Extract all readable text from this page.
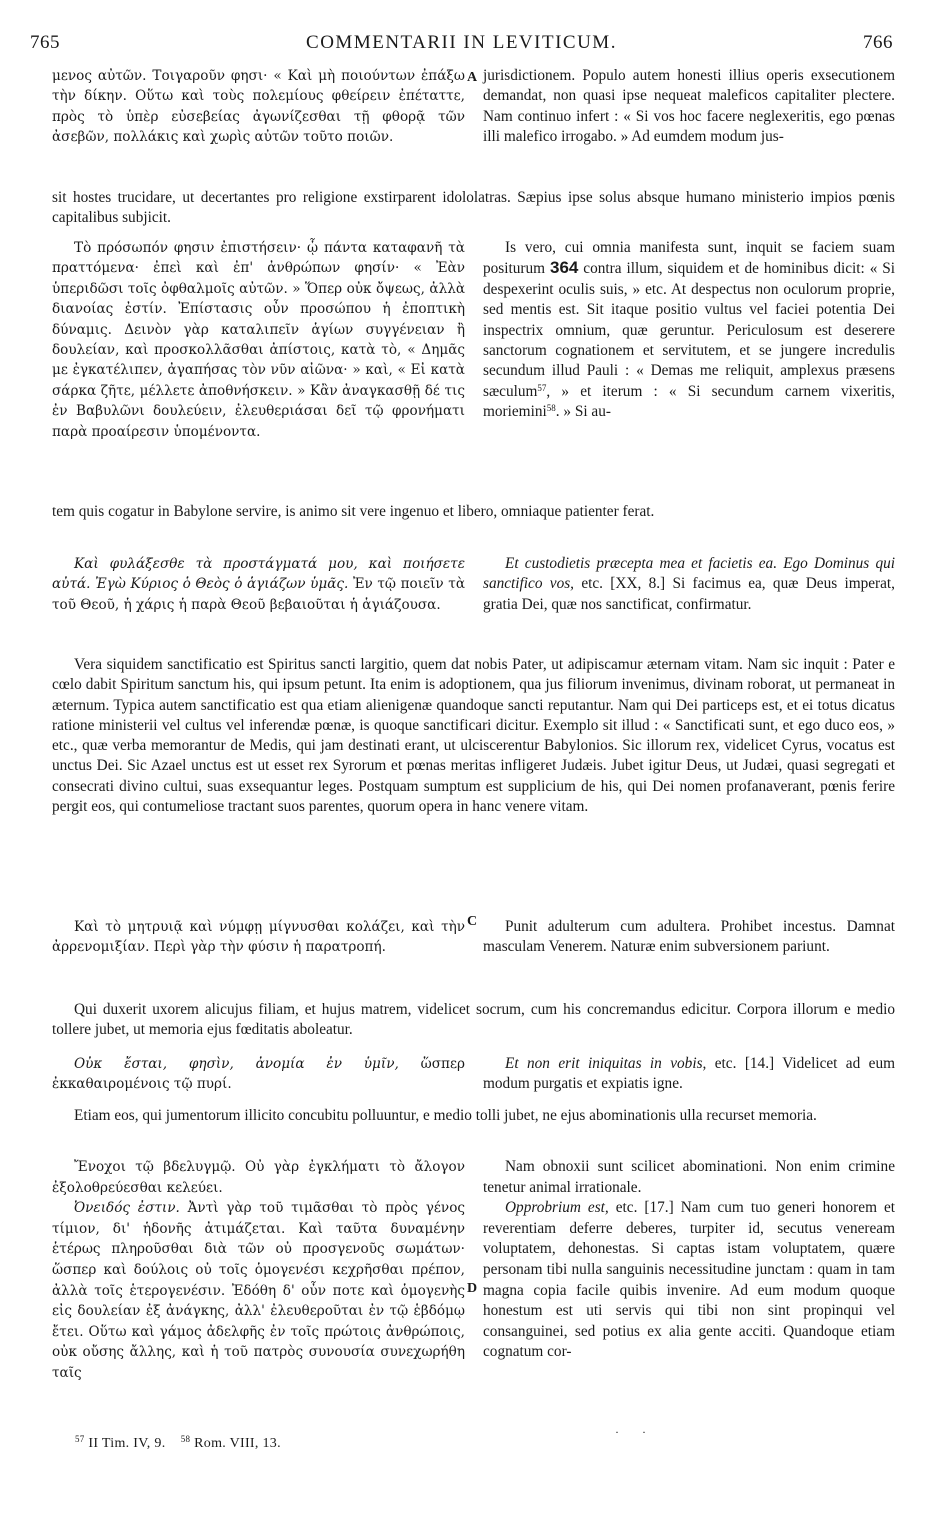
765	COMMENTARII IN LEVITICUM.	766

μενος αὐτῶν. Τοιγαροῦν φησι· « Καὶ μὴ ποιούντων ἐπάξω τὴν δίκην. Οὕτω καὶ τοὺς πολεμίους φθείρειν ἐπέταττε, πρὸς τὸ ὑπὲρ εὐσεβείας ἀγωνίζεσθαι τῇ φθορᾷ τῶν ἀσεβῶν, πολλάκις καὶ χωρὶς αὐτῶν τοῦτο ποιῶν.

A jurisdictionem. Populo autem honesti illius operis exsecutionem demandat, non quasi ipse nequeat maleficos capitaliter plectere. Nam continuo infert : « Si vos hoc facere neglexeritis, ego pœnas illi malefico irrogabo. » Ad eumdem modum jus-

sit hostes trucidare, ut decertantes pro religione exstirparent idololatras. Sæpius ipse solus absque humano ministerio impios pœnis capitalibus subjicit.

Τὸ πρόσωπόν φησιν ἐπιστήσειν· ᾧ πάντα καταφανῆ τὰ πραττόμενα· ἐπεὶ καὶ ἐπ' ἀνθρώπων φησίν· « Ἐὰν ὑπεριδῶσι τοῖς ὀφθαλμοῖς αὐτῶν. » Ὅπερ οὐκ ὄψεως, ἀλλὰ διανοίας ἐστίν. Ἐπίστασις οὖν προσώπου ἡ ἐποπτικὴ δύναμις. Δεινὸν γὰρ καταλιπεῖν ἁγίων συγγένειαν ἢ δουλείαν, καὶ προσκολλᾶσθαι ἀπίστοις, κατὰ τὸ, « Δημᾶς με ἐγκατέλιπεν, ἀγαπήσας τὸν νῦν αἰῶνα· » καὶ, « Εἰ κατὰ σάρκα ζῆτε, μέλλετε ἀποθνήσκειν. » Κἂν ἀναγκασθῇ δέ τις ἐν Βαβυλῶνι δουλεύειν, ἐλευθεριάσαι δεῖ τῷ φρονήματι παρὰ προαίρεσιν ὑπομένοντα.

Is vero, cui omnia manifesta sunt, inquit se faciem suam positurum 364 contra illum, siquidem et de hominibus dicit: « Si despexerint oculis suis, » etc. At despectus non oculorum proprie, sed mentis est. Sit itaque positio vultus vel faciei potentia Dei inspectrix omnium, quæ geruntur. Periculosum est deserere sanctorum cognationem et servitutem, et se jungere incredulis secundum illud Pauli : « Demas me reliquit, amplexus præsens sæculum$^{57}$, » et iterum : « Si secundum carnem vixeritis, moriemini$^{58}$. » Si au-

tem quis cogatur in Babylone servire, is animo sit vere ingenuo et libero, omniaque patienter ferat.

Καὶ φυλάξεσθε τὰ προστάγματά μου, καὶ ποιήσετε αὐτά. Ἐγὼ Κύριος ὁ Θεὸς ὁ ἁγιάζων ὑμᾶς. Ἐν τῷ ποιεῖν τὰ τοῦ Θεοῦ, ἡ χάρις ἡ παρὰ Θεοῦ βεβαιοῦται ἡ ἁγιάζουσα.

Et custodietis præcepta mea et facietis ea. Ego Dominus qui sanctifico vos, etc. [XX, 8.] Si facimus ea, quæ Deus imperat, gratia Dei, quæ nos sanctificat, confirmatur.

Vera siquidem sanctificatio est Spiritus sancti largitio, quem dat nobis Pater, ut adipiscamur æternam vitam. Nam sic inquit : Pater e cœlo dabit Spiritum sanctum his, qui ipsum petunt. Ita enim is adoptionem, qua jus filiorum invenimus, divinam roborat, ut permaneat in æternum. Typica autem sanctificatio est qua etiam alienigenæ quandoque sancti reputantur. Nam qui Dei particeps est, et ei totus dicatus ratione ministerii vel cultus vel inferendæ pœnæ, is quoque sanctificari dicitur. Exemplo sit illud : « Sanctificati sunt, et ego duco eos, » etc., quæ verba memorantur de Medis, qui jam destinati erant, ut ulciscerentur Babylonios. Sic illorum rex, videlicet Cyrus, vocatus est unctus Dei. Sic Azael unctus est ut esset rex Syrorum et pœnas meritas infligeret Judæis. Jubet igitur Deus, ut Judæi, quasi segregati et consecrati divino cultui, suas exsequantur leges. Postquam sumptum est supplicium de his, qui Dei nomen profanaverant, pœnis ferire pergit eos, qui contumeliose tractant suos parentes, quorum opera in hanc venere vitam.

Καὶ τὸ μητρυιᾷ καὶ νύμφῃ μίγνυσθαι κολάζει, καὶ τὴν ἀρρενομιξίαν. Περὶ γὰρ τὴν φύσιν ἡ παρατροπή.

C	Punit adulterum cum adultera. Prohibet incestus. Damnat masculam Venerem. Naturæ enim subversionem pariunt.

Qui duxerit uxorem alicujus filiam, et hujus matrem, videlicet socrum, cum his concremandus edicitur. Corpora illorum e medio tollere jubet, ut memoria ejus fœditatis aboleatur.

Οὐκ ἔσται, φησὶν, ἀνομία ἐν ὑμῖν, ὥσπερ ἐκκαθαιρομένοις τῷ πυρί.

Et non erit iniquitas in vobis, etc. [14.] Videlicet ad eum modum purgatis et expiatis igne.

Etiam eos, qui jumentorum illicito concubitu polluuntur, e medio tolli jubet, ne ejus abominationis ulla recurset memoria.

Ἔνοχοι τῷ βδελυγμῷ. Οὐ γὰρ ἐγκλήματι τὸ ἄλογον ἐξολοθρεύεσθαι κελεύει.

Ὀνειδός ἐστιν. Ἀντὶ γὰρ τοῦ τιμᾶσθαι τὸ πρὸς γένος τίμιον, δι' ἡδονῆς ἀτιμάζεται. Καὶ ταῦτα δυναμένην ἑτέρως πληροῦσθαι διὰ τῶν οὐ προσγενοῦς σωμάτων· ὥσπερ καὶ δούλοις οὐ τοῖς ὁμογενέσι κεχρῆσθαι πρέπον, ἀλλὰ τοῖς ἑτερογενέσιν. Ἐδόθη δ' οὖν ποτε καὶ ὁμογενὴς εἰς δουλείαν ἐξ ἀνάγκης, ἀλλ' ἐλευθεροῦται ἐν τῷ ἑβδόμῳ ἔτει. Οὕτω καὶ γάμος ἀδελφῆς ἐν τοῖς πρώτοις ἀνθρώποις, οὐκ οὔσης ἄλλης, καὶ ἡ τοῦ πατρὸς συνουσία συνεχωρήθη ταῖς

D

Nam obnoxii sunt scilicet abominationi. Non enim crimine tenetur animal irrationale.

Opprobrium est, etc. [17.] Nam cum tuo generi honorem et reverentiam deferre deberes, turpiter id, secutus veneream voluptatem, dehonestas. Si captas istam voluptatem, quære personam tibi nulla sanguinis necessitudine junctam : quam in tam magna copia facile quibis invenire. Ad eum modum quoque honestum est uti servis qui tibi non sint propinqui vel consanguinei, sed potius ex alia gente acciti. Quandoque etiam cognatum cor-

· ·
$^{57}$ II Tim. IV, 9. $^{58}$ Rom. VIII, 13.
